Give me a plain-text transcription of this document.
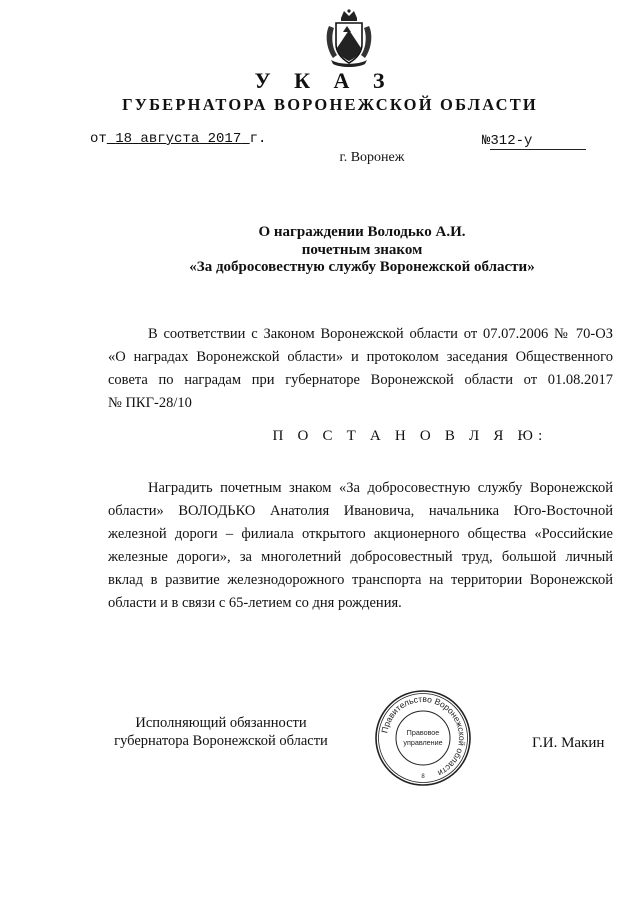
У К А З
ГУБЕРНАТОРА ВОРОНЕЖСКОЙ ОБЛАСТИ
от 18 августа 2017 г.	№ 312-у
г. Воронеж
О награждении Володько А.И.
почетным знаком
«За добросовестную службу Воронежской области»
В соответствии с Законом Воронежской области от 07.07.2006 № 70-ОЗ
«О наградах Воронежской области» и протоколом заседания Общественного
совета по наградам при губернаторе Воронежской области от 01.08.2017
№ ПКГ-28/10
П О С Т А Н О В Л Я Ю:
Наградить почетным знаком «За добросовестную службу Воронежской
области» ВОЛОДЬКО Анатолия Ивановича, начальника Юго-Восточной
железной дороги – филиала открытого акционерного общества «Российские
железные дороги», за многолетний добросовестный труд, большой личный
вклад в развитие железнодорожного транспорта на территории Воронежской
области и в связи с 65-летием со дня рождения.
Исполняющий обязанности
губернатора Воронежской области
Правительство Воронежской области
Правовое
управление
8
Г.И. Макин
